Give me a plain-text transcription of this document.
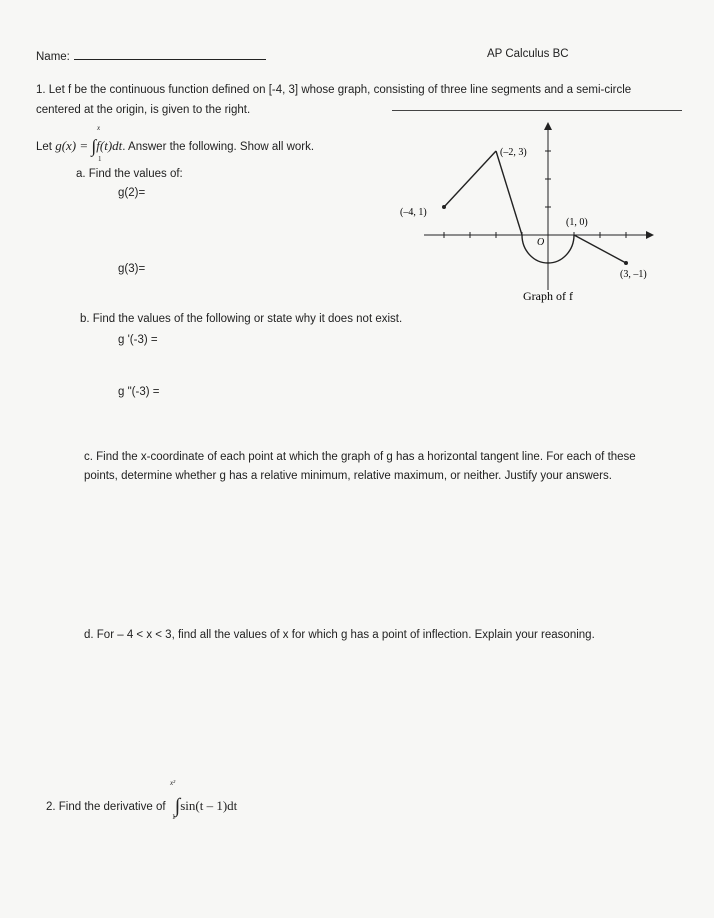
Name:	AP Calculus BC
1. Let f be the continuous function defined on [-4, 3] whose graph, consisting of three line segments and a semi-circle
centered at the origin, is given to the right.
Let g(x) = ∫f(t)dt. Answer the following. Show all work.
x
1
a. Find the values of:
g(2)=
g(3)=
(–4, 1)
(–2, 3)
(1, 0)
(3, –1)
O
Graph of f
b. Find the values of the following or state why it does not exist.
g '(-3) =
g "(-3) =
c. Find the x-coordinate of each point at which the graph of g has a horizontal tangent line. For each of these
points, determine whether g has a relative minimum, relative maximum, or neither. Justify your answers.
d. For – 4 < x < 3, find all the values of x for which g has a point of inflection. Explain your reasoning.
2. Find the derivative of ∫sin(t – 1)dt
x²
1
